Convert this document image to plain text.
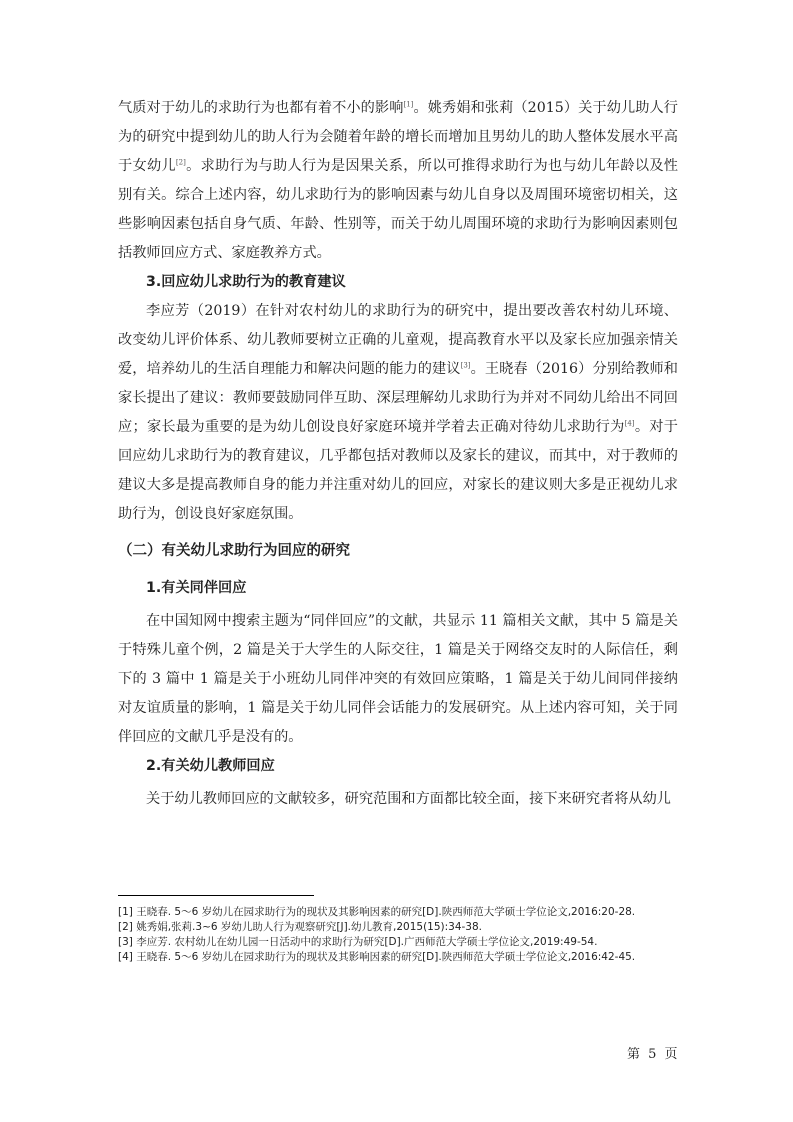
气质对于幼儿的求助行为也都有着不小的影响[1]。姚秀娟和张莉（2015）关于幼儿助人行为的研究中提到幼儿的助人行为会随着年龄的增长而增加且男幼儿的助人整体发展水平高于女幼儿[2]。求助行为与助人行为是因果关系，所以可推得求助行为也与幼儿年龄以及性别有关。综合上述内容，幼儿求助行为的影响因素与幼儿自身以及周围环境密切相关，这些影响因素包括自身气质、年龄、性别等，而关于幼儿周围环境的求助行为影响因素则包括教师回应方式、家庭教养方式。

3.回应幼儿求助行为的教育建议

李应芳（2019）在针对农村幼儿的求助行为的研究中，提出要改善农村幼儿环境、改变幼儿评价体系、幼儿教师要树立正确的儿童观，提高教育水平以及家长应加强亲情关爱，培养幼儿的生活自理能力和解决问题的能力的建议[3]。王晓春（2016）分别给教师和家长提出了建议：教师要鼓励同伴互助、深层理解幼儿求助行为并对不同幼儿给出不同回应；家长最为重要的是为幼儿创设良好家庭环境并学着去正确对待幼儿求助行为[4]。对于回应幼儿求助行为的教育建议，几乎都包括对教师以及家长的建议，而其中，对于教师的建议大多是提高教师自身的能力并注重对幼儿的回应，对家长的建议则大多是正视幼儿求助行为，创设良好家庭氛围。

（二）有关幼儿求助行为回应的研究
1.有关同伴回应

在中国知网中搜索主题为“同伴回应”的文献，共显示 11 篇相关文献，其中 5 篇是关于特殊儿童个例，2 篇是关于大学生的人际交往，1 篇是关于网络交友时的人际信任，剩下的 3 篇中 1 篇是关于小班幼儿同伴冲突的有效回应策略，1 篇是关于幼儿间同伴接纳对友谊质量的影响，1 篇是关于幼儿同伴会话能力的发展研究。从上述内容可知，关于同伴回应的文献几乎是没有的。

2.有关幼儿教师回应

关于幼儿教师回应的文献较多，研究范围和方面都比较全面，接下来研究者将从幼儿

[1] 王晓春. 5～6 岁幼儿在园求助行为的现状及其影响因素的研究[D].陕西师范大学硕士学位论文,2016:20-28.
[2] 姚秀娟,张莉.3~6 岁幼儿助人行为观察研究[J].幼儿教育,2015(15):34-38.
[3] 李应芳. 农村幼儿在幼儿园一日活动中的求助行为研究[D].广西师范大学硕士学位论文,2019:49-54.
[4] 王晓春. 5～6 岁幼儿在园求助行为的现状及其影响因素的研究[D].陕西师范大学硕士学位论文,2016:42-45.
第 5 页
